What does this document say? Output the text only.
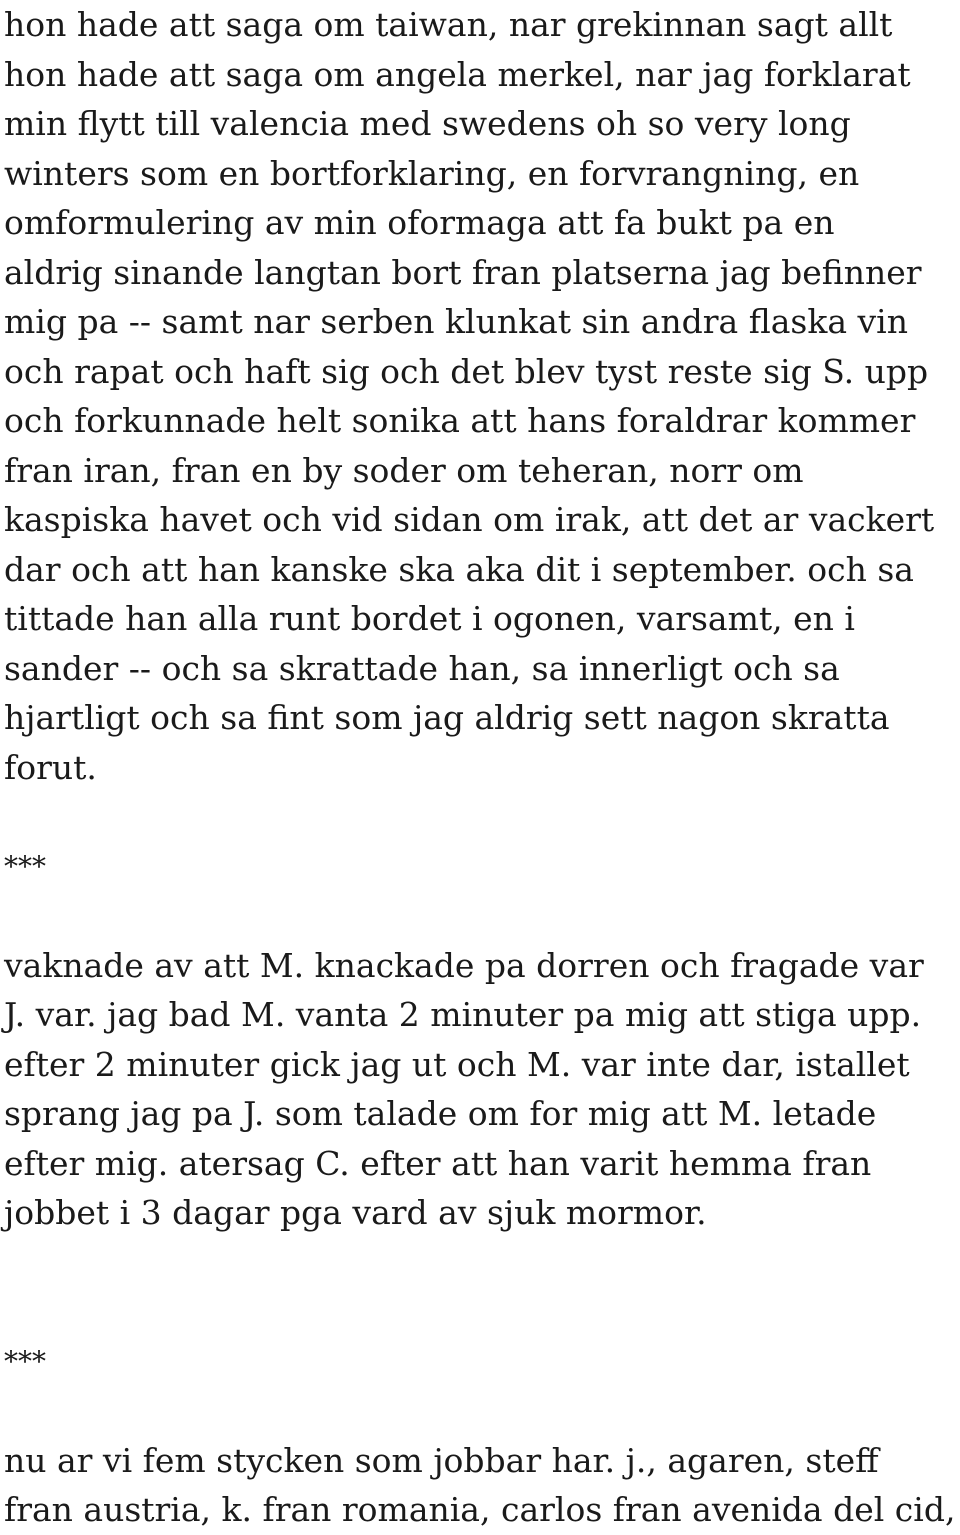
hon hade att saga om taiwan, nar grekinnan sagt allt
hon hade att saga om angela merkel, nar jag forklarat
min flytt till valencia med swedens oh so very long
winters som en bortforklaring, en forvrangning, en
omformulering av min oformaga att fa bukt pa en
aldrig sinande langtan bort fran platserna jag befinner
mig pa -- samt nar serben klunkat sin andra flaska vin
och rapat och haft sig och det blev tyst reste sig S. upp
och forkunnade helt sonika att hans foraldrar kommer
fran iran, fran en by soder om teheran, norr om
kaspiska havet och vid sidan om irak, att det ar vackert
dar och att han kanske ska aka dit i september. och sa
tittade han alla runt bordet i ogonen, varsamt, en i
sander -- och sa skrattade han, sa innerligt och sa
hjartligt och sa fint som jag aldrig sett nagon skratta
forut.
***
vaknade av att M. knackade pa dorren och fragade var
J. var. jag bad M. vanta 2 minuter pa mig att stiga upp.
efter 2 minuter gick jag ut och M. var inte dar, istallet
sprang jag pa J. som talade om for mig att M. letade
efter mig. atersag C. efter att han varit hemma fran
jobbet i 3 dagar pga vard av sjuk mormor.
***
nu ar vi fem stycken som jobbar har. j., agaren, steff
fran austria, k. fran romania, carlos fran avenida del cid,
